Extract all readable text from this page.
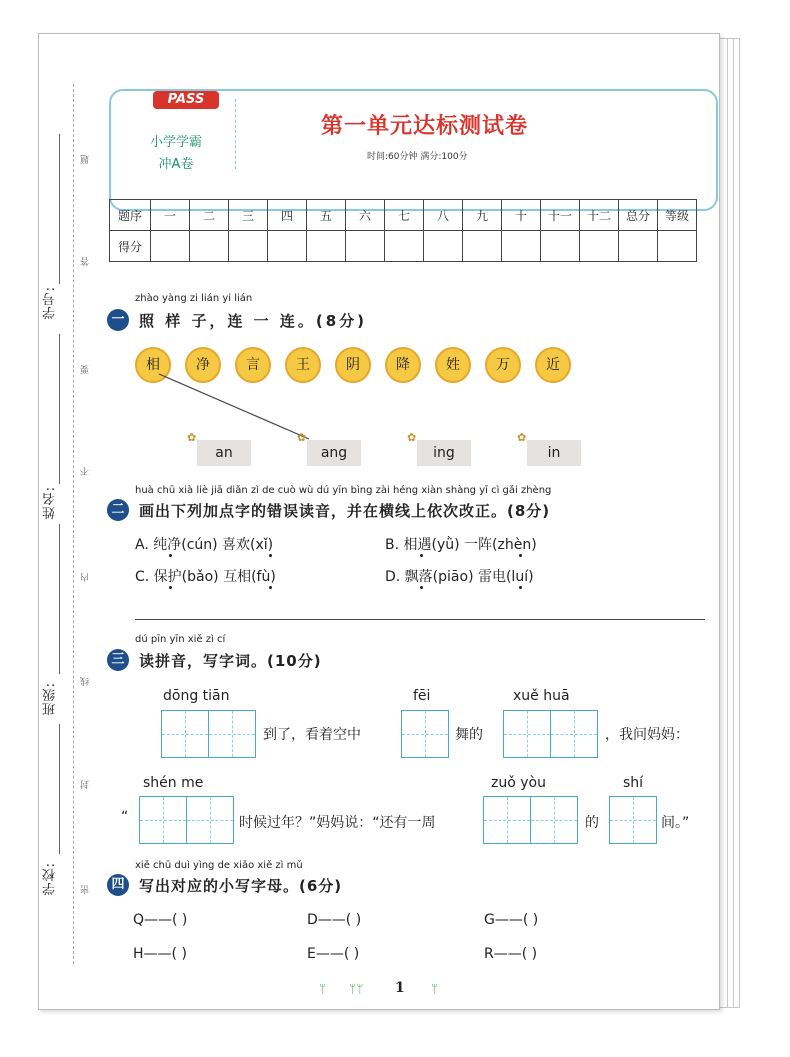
学号:
姓名:
班级:
学校:
题
答
要
不
内
线
封
密
PASS
小学学霸
冲A卷
第一单元达标测试卷
时间:60分钟 满分:100分
题序	一	二	三	四	五	六	七	八	九	十	十一	十二	总分	等级
得分														
zhào yàng zi lián yi lián
一 照 样 子，连 一 连。(8分)
相	净	言	王	阴	降	姓	万	近
✿
an
✿
ang
✿
ing
✿
in
huà chū xià liè jiā diǎn zì de cuò wù dú yīn bìng zài héng xiàn shàng yī cì gǎi zhèng
二 画出下列加点字的错误读音，并在横线上依次改正。(8分)
A. 纯净(cún) 喜欢(xǐ)	B. 相遇(yǜ) 一阵(zhèn)
C. 保护(bǎo) 互相(fù)	D. 飘落(piāo) 雷电(luí)
dú pīn yīn xiě zì cí
三 读拼音，写字词。(10分)
dōng tiān
到了，看着空中
fēi
舞的
xuě huā
，我问妈妈：
shén me
“	时候过年？”妈妈说：“还有一周
zuǒ yòu
的
shí
间。”
xiě chū duì yìng de xiǎo xiě zì mǔ
四 写出对应的小写字母。(6分)
Q——( )	D——( )	G——( )
H——( )	E——( )	R——( )
ᛘ ᛘᛘ 1 ᛘ
